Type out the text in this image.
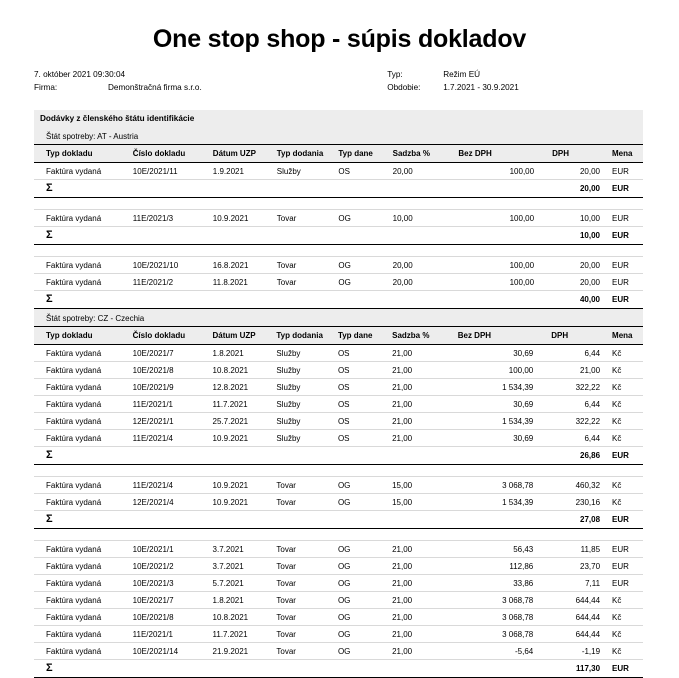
One stop shop - súpis dokladov
7. október 2021 09:30:04
Firma:	Demonštračná firma s.r.o.
Typ:	Režim EÚ
Obdobie:	1.7.2021 - 30.9.2021
Dodávky z členského štátu identifikácie
Štát spotreby: AT - Austria
Typ dokladu	Číslo dokladu	Dátum UZP	Typ dodania	Typ dane	Sadzba %	Bez DPH	DPH	Mena
Faktúra vydaná	10E/2021/11	1.9.2021	Služby	OS	20,00	100,00	20,00	EUR
Σ							20,00	EUR

Faktúra vydaná	11E/2021/3	10.9.2021	Tovar	OG	10,00	100,00	10,00	EUR
Σ							10,00	EUR

Faktúra vydaná	10E/2021/10	16.8.2021	Tovar	OG	20,00	100,00	20,00	EUR
Faktúra vydaná	11E/2021/2	11.8.2021	Tovar	OG	20,00	100,00	20,00	EUR
Σ							40,00	EUR
Štát spotreby: CZ - Czechia
Typ dokladu	Číslo dokladu	Dátum UZP	Typ dodania	Typ dane	Sadzba %	Bez DPH	DPH	Mena
Faktúra vydaná	10E/2021/7	1.8.2021	Služby	OS	21,00	30,69	6,44	Kč
Faktúra vydaná	10E/2021/8	10.8.2021	Služby	OS	21,00	100,00	21,00	Kč
Faktúra vydaná	10E/2021/9	12.8.2021	Služby	OS	21,00	1 534,39	322,22	Kč
Faktúra vydaná	11E/2021/1	11.7.2021	Služby	OS	21,00	30,69	6,44	Kč
Faktúra vydaná	12E/2021/1	25.7.2021	Služby	OS	21,00	1 534,39	322,22	Kč
Faktúra vydaná	11E/2021/4	10.9.2021	Služby	OS	21,00	30,69	6,44	Kč
Σ							26,86	EUR

Faktúra vydaná	11E/2021/4	10.9.2021	Tovar	OG	15,00	3 068,78	460,32	Kč
Faktúra vydaná	12E/2021/4	10.9.2021	Tovar	OG	15,00	1 534,39	230,16	Kč
Σ							27,08	EUR

Faktúra vydaná	10E/2021/1	3.7.2021	Tovar	OG	21,00	56,43	11,85	EUR
Faktúra vydaná	10E/2021/2	3.7.2021	Tovar	OG	21,00	112,86	23,70	EUR
Faktúra vydaná	10E/2021/3	5.7.2021	Tovar	OG	21,00	33,86	7,11	EUR
Faktúra vydaná	10E/2021/7	1.8.2021	Tovar	OG	21,00	3 068,78	644,44	Kč
Faktúra vydaná	10E/2021/8	10.8.2021	Tovar	OG	21,00	3 068,78	644,44	Kč
Faktúra vydaná	11E/2021/1	11.7.2021	Tovar	OG	21,00	3 068,78	644,44	Kč
Faktúra vydaná	10E/2021/14	21.9.2021	Tovar	OG	21,00	-5,64	-1,19	Kč
Σ							117,30	EUR
